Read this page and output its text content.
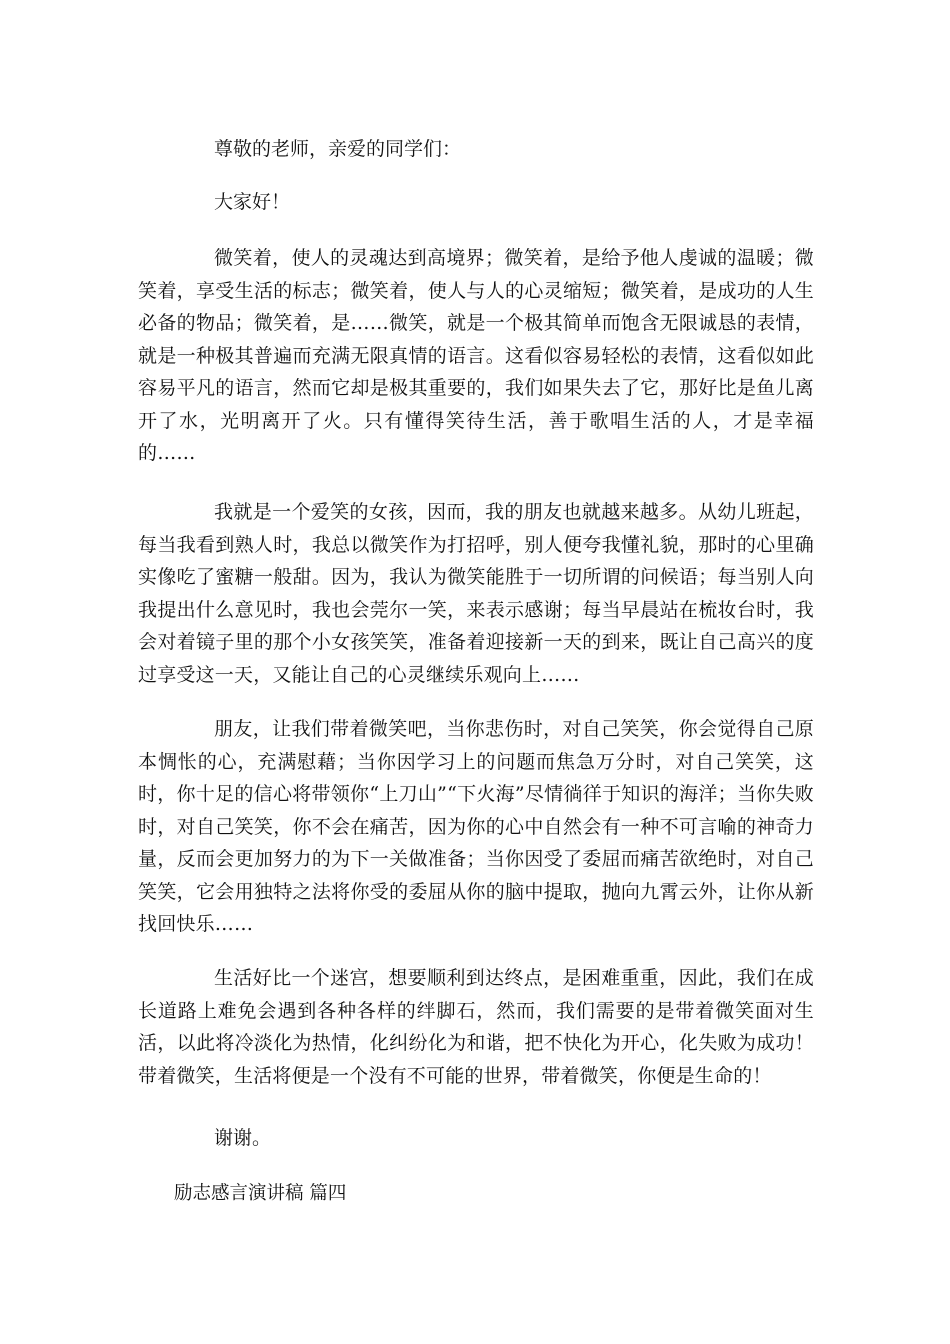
尊敬的老师，亲爱的同学们：

大家好！

微笑着，使人的灵魂达到高境界；微笑着，是给予他人虔诚的温暖；微笑着，享受生活的标志；微笑着，使人与人的心灵缩短；微笑着，是成功的人生必备的物品；微笑着，是……微笑，就是一个极其简单而饱含无限诚恳的表情，就是一种极其普遍而充满无限真情的语言。这看似容易轻松的表情，这看似如此容易平凡的语言，然而它却是极其重要的，我们如果失去了它，那好比是鱼儿离开了水，光明离开了火。只有懂得笑待生活，善于歌唱生活的人，才是幸福的……

我就是一个爱笑的女孩，因而，我的朋友也就越来越多。从幼儿班起，每当我看到熟人时，我总以微笑作为打招呼，别人便夸我懂礼貌，那时的心里确实像吃了蜜糖一般甜。因为，我认为微笑能胜于一切所谓的问候语；每当别人向我提出什么意见时，我也会莞尔一笑，来表示感谢；每当早晨站在梳妆台时，我会对着镜子里的那个小女孩笑笑，准备着迎接新一天的到来，既让自己高兴的度过享受这一天，又能让自己的心灵继续乐观向上……

朋友，让我们带着微笑吧，当你悲伤时，对自己笑笑，你会觉得自己原本惆怅的心，充满慰藉；当你因学习上的问题而焦急万分时，对自己笑笑，这时，你十足的信心将带领你“上刀山”“下火海”尽情徜徉于知识的海洋；当你失败时，对自己笑笑，你不会在痛苦，因为你的心中自然会有一种不可言喻的神奇力量，反而会更加努力的为下一关做准备；当你因受了委屈而痛苦欲绝时，对自己笑笑，它会用独特之法将你受的委屈从你的脑中提取，抛向九霄云外，让你从新找回快乐……

生活好比一个迷宫，想要顺利到达终点，是困难重重，因此，我们在成长道路上难免会遇到各种各样的绊脚石，然而，我们需要的是带着微笑面对生活，以此将冷淡化为热情，化纠纷化为和谐，把不快化为开心，化失败为成功！带着微笑，生活将便是一个没有不可能的世界，带着微笑，你便是生命的！

谢谢。

励志感言演讲稿 篇四
